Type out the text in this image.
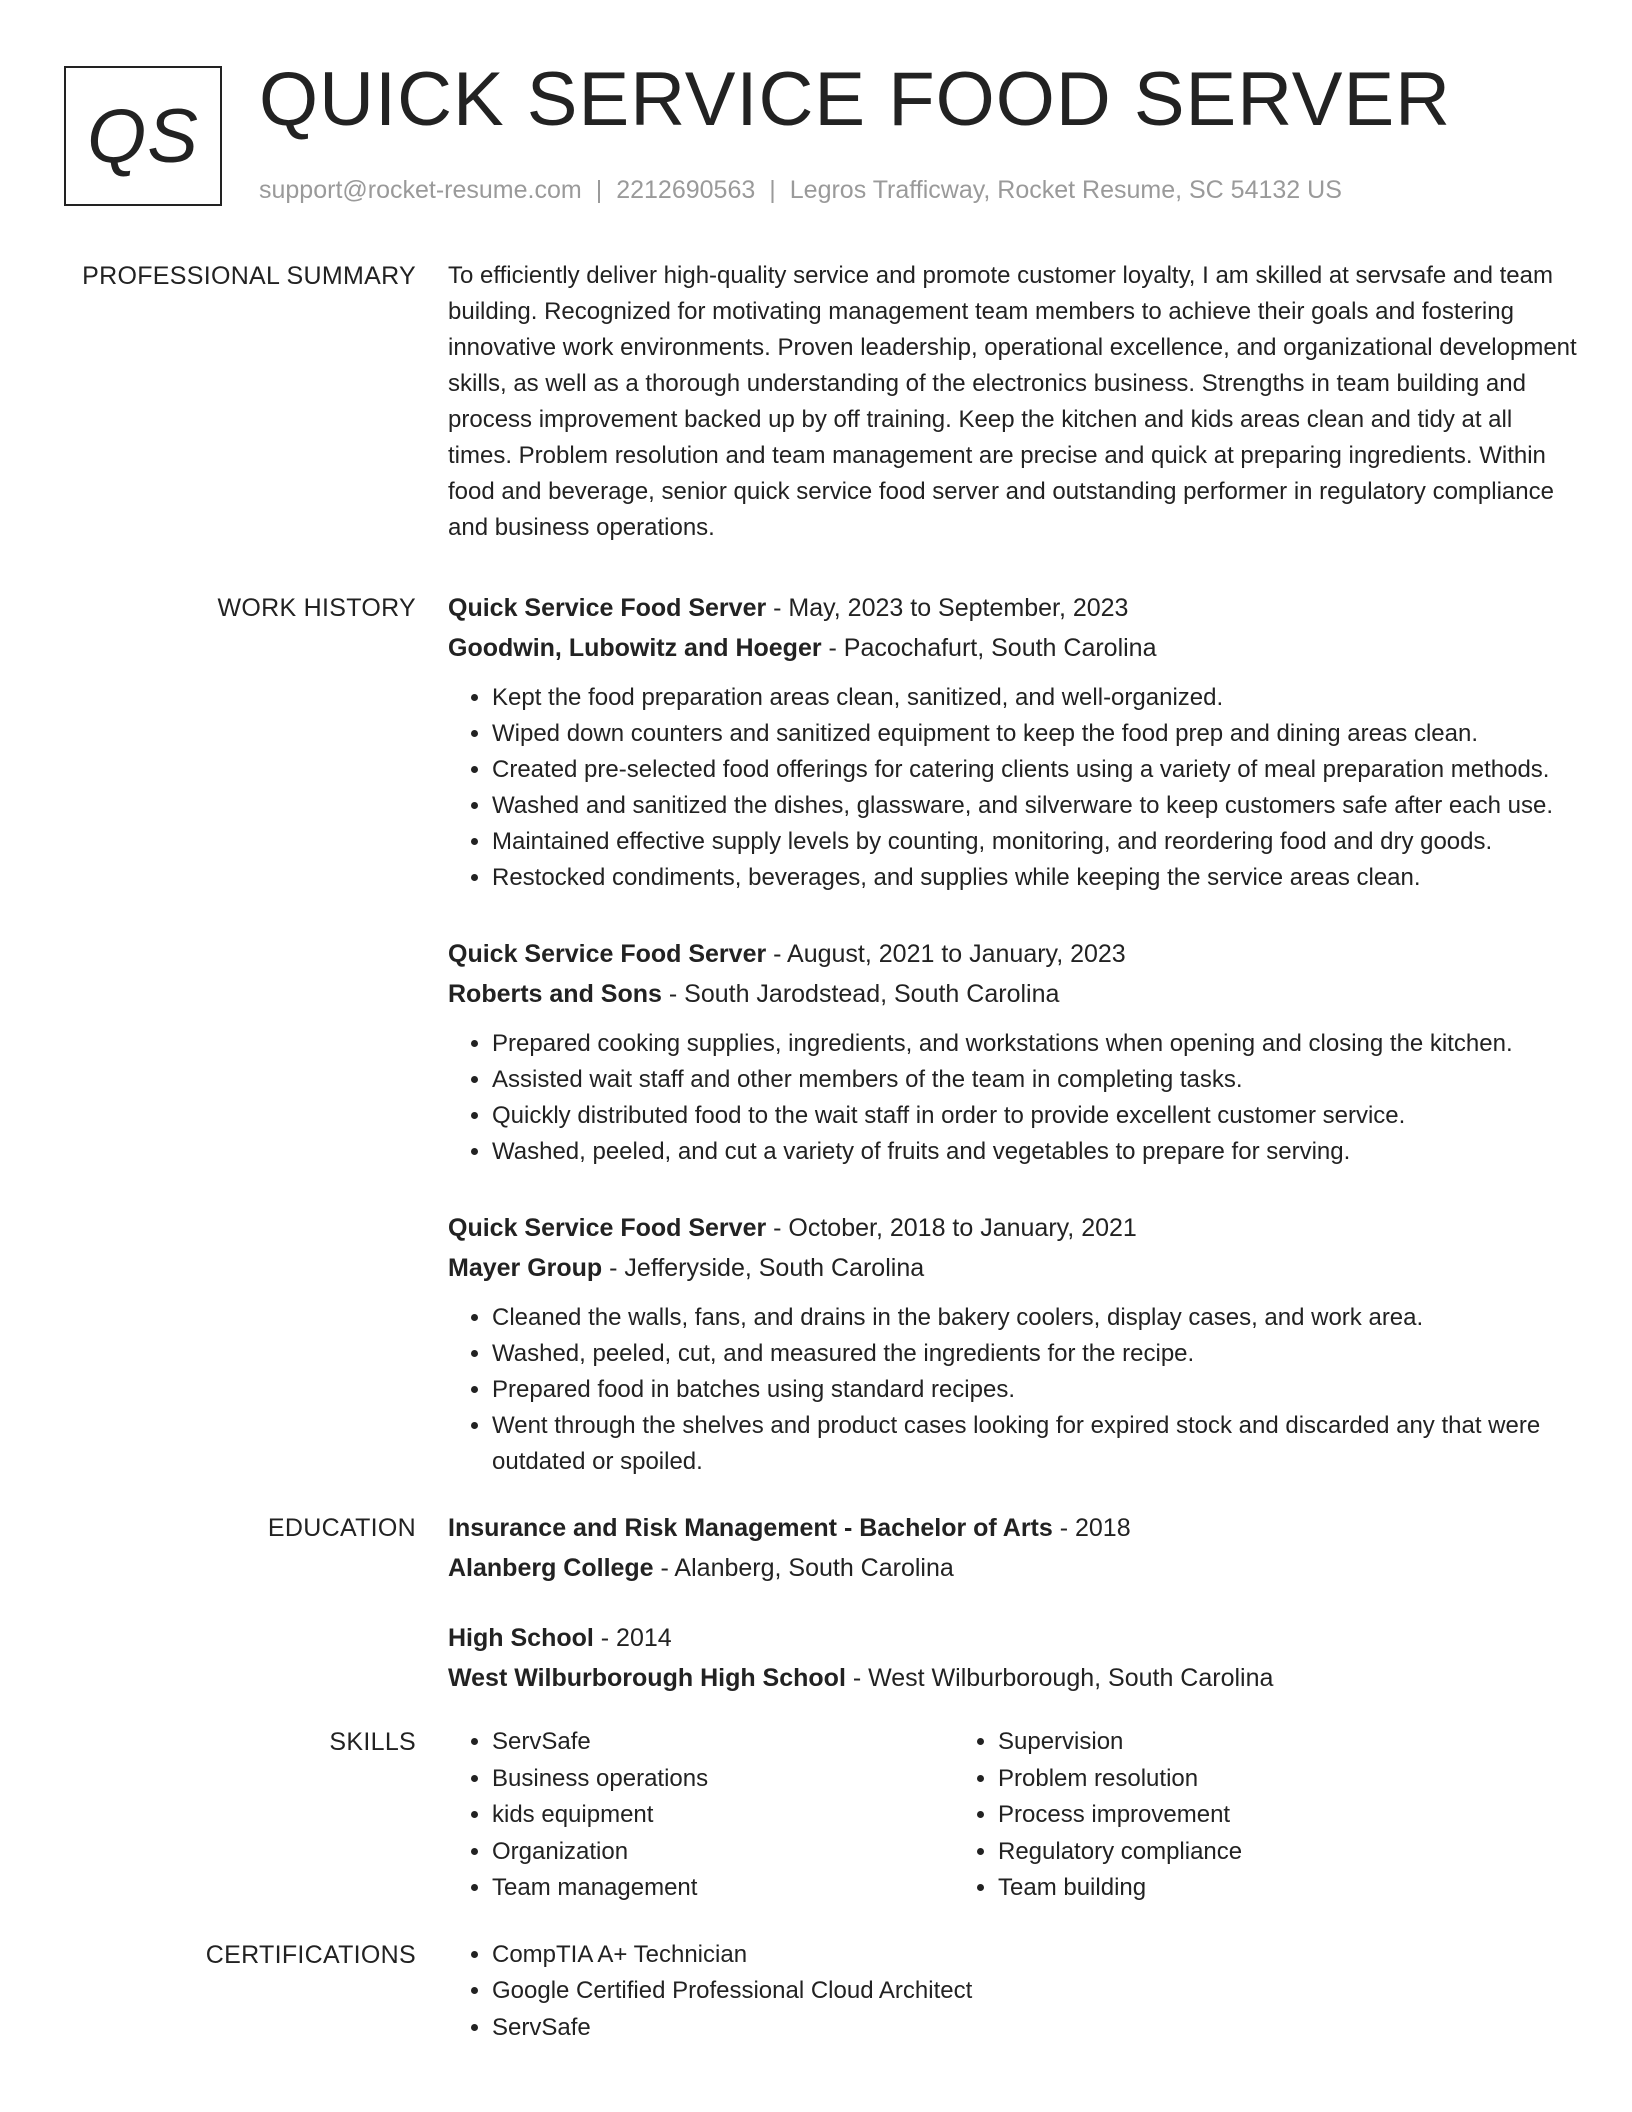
QS QUICK SERVICE FOOD SERVER
support@rocket-resume.com | 2212690563 | Legros Trafficway, Rocket Resume, SC 54132 US
PROFESSIONAL SUMMARY To efficiently deliver high-quality service and promote customer loyalty, I am skilled at servsafe and team building. Recognized for motivating management team members to achieve their goals and fostering innovative work environments. Proven leadership, operational excellence, and organizational development skills, as well as a thorough understanding of the electronics business. Strengths in team building and process improvement backed up by off training. Keep the kitchen and kids areas clean and tidy at all times. Problem resolution and team management are precise and quick at preparing ingredients. Within food and beverage, senior quick service food server and outstanding performer in regulatory compliance and business operations.

WORK HISTORY Quick Service Food Server - May, 2023 to September, 2023
Goodwin, Lubowitz and Hoeger - Pacochafurt, South Carolina
• Kept the food preparation areas clean, sanitized, and well-organized.
• Wiped down counters and sanitized equipment to keep the food prep and dining areas clean.
• Created pre-selected food offerings for catering clients using a variety of meal preparation methods.
• Washed and sanitized the dishes, glassware, and silverware to keep customers safe after each use.
• Maintained effective supply levels by counting, monitoring, and reordering food and dry goods.
• Restocked condiments, beverages, and supplies while keeping the service areas clean.
Quick Service Food Server - August, 2021 to January, 2023
Roberts and Sons - South Jarodstead, South Carolina
• Prepared cooking supplies, ingredients, and workstations when opening and closing the kitchen.
• Assisted wait staff and other members of the team in completing tasks.
• Quickly distributed food to the wait staff in order to provide excellent customer service.
• Washed, peeled, and cut a variety of fruits and vegetables to prepare for serving.
Quick Service Food Server - October, 2018 to January, 2021
Mayer Group - Jefferyside, South Carolina
• Cleaned the walls, fans, and drains in the bakery coolers, display cases, and work area.
• Washed, peeled, cut, and measured the ingredients for the recipe.
• Prepared food in batches using standard recipes.
• Went through the shelves and product cases looking for expired stock and discarded any that were outdated or spoiled.
EDUCATION Insurance and Risk Management - Bachelor of Arts - 2018
Alanberg College - Alanberg, South Carolina
High School - 2014
West Wilburborough High School - West Wilburborough, South Carolina
SKILLS	• ServSafe
• Business operations
• kids equipment
• Organization
• Team management
• Supervision
• Problem resolution
• Process improvement
• Regulatory compliance
• Team building
CERTIFICATIONS	• CompTIA A+ Technician
• Google Certified Professional Cloud Architect
• ServSafe
